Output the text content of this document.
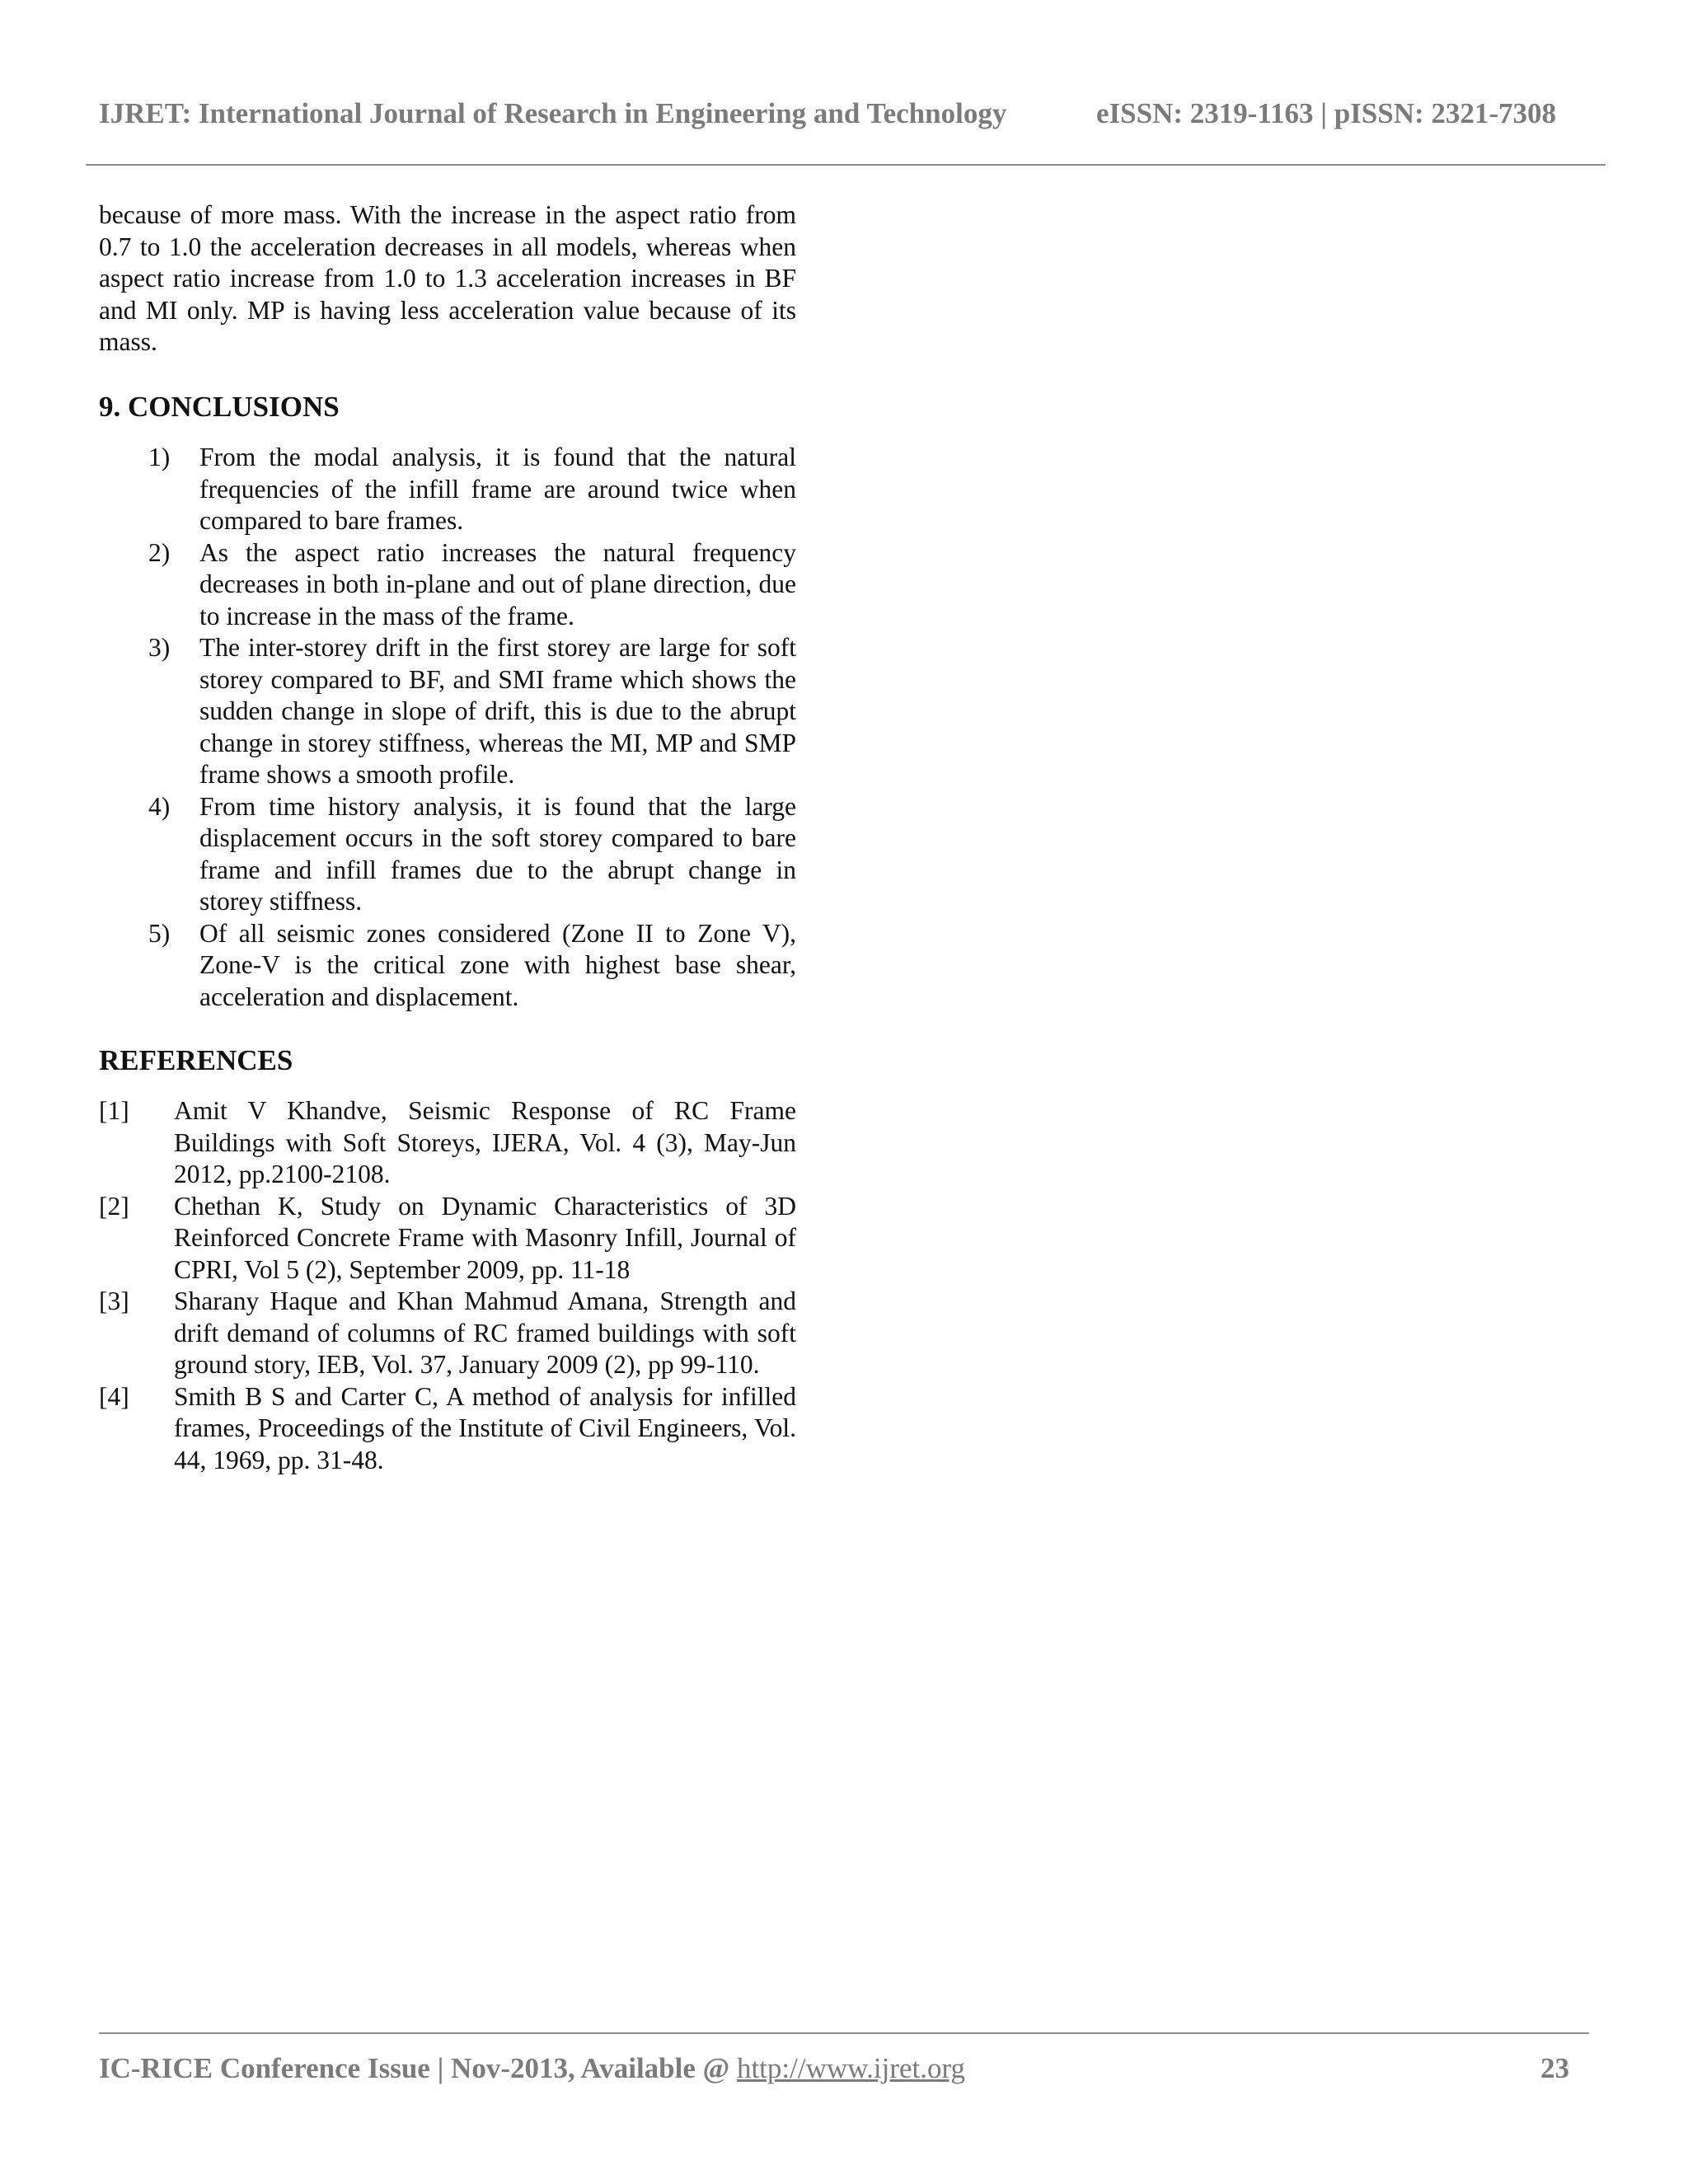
IJRET: International Journal of Research in Engineering and Technology	eISSN: 2319-1163 | pISSN: 2321-7308

because of more mass. With the increase in the aspect ratio from 0.7 to 1.0 the acceleration decreases in all models, whereas when aspect ratio increase from 1.0 to 1.3 acceleration increases in BF and MI only. MP is having less acceleration value because of its mass.

9. CONCLUSIONS
1) From the modal analysis, it is found that the natural frequencies of the infill frame are around twice when compared to bare frames.
2) As the aspect ratio increases the natural frequency decreases in both in-plane and out of plane direction, due to increase in the mass of the frame.
3) The inter-storey drift in the first storey are large for soft storey compared to BF, and SMI frame which shows the sudden change in slope of drift, this is due to the abrupt change in storey stiffness, whereas the MI, MP and SMP frame shows a smooth profile.
4) From time history analysis, it is found that the large displacement occurs in the soft storey compared to bare frame and infill frames due to the abrupt change in storey stiffness.
5) Of all seismic zones considered (Zone II to Zone V), Zone-V is the critical zone with highest base shear, acceleration and displacement.
REFERENCES
[1] Amit V Khandve, Seismic Response of RC Frame Buildings with Soft Storeys, IJERA, Vol. 4 (3), May-Jun 2012, pp.2100-2108.
[2] Chethan K, Study on Dynamic Characteristics of 3D Reinforced Concrete Frame with Masonry Infill, Journal of CPRI, Vol 5 (2), September 2009, pp. 11-18
[3] Sharany Haque and Khan Mahmud Amana, Strength and drift demand of columns of RC framed buildings with soft ground story, IEB, Vol. 37, January 2009 (2), pp 99-110.
[4] Smith B S and Carter C, A method of analysis for infilled frames, Proceedings of the Institute of Civil Engineers, Vol. 44, 1969, pp. 31-48.
IC-RICE Conference Issue | Nov-2013, Available @ http://www.ijret.org	23
